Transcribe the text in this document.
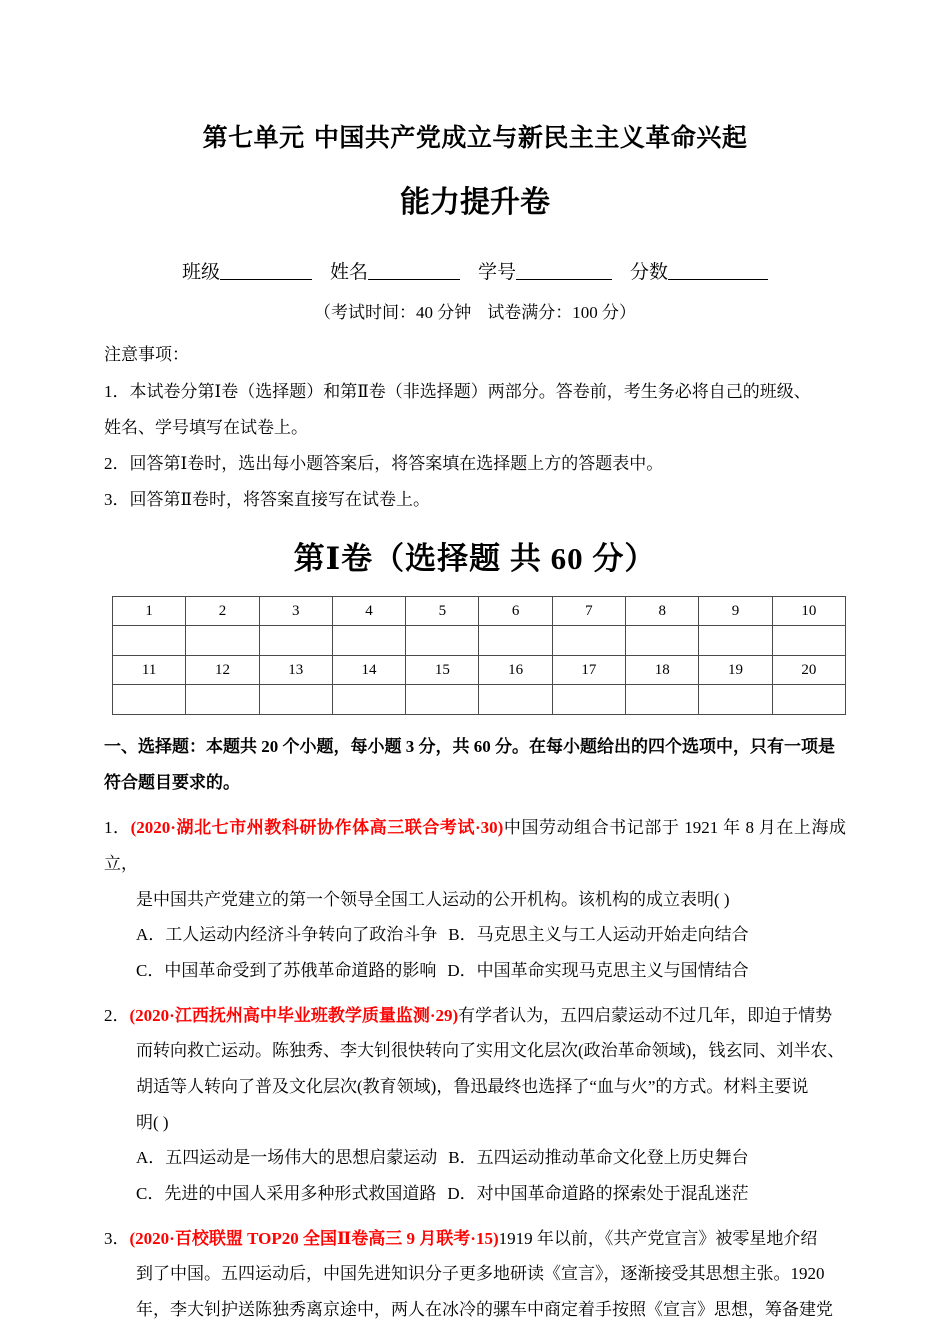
第七单元 中国共产党成立与新民主主义革命兴起
能力提升卷
班级	姓名	学号	分数

（考试时间：40 分钟 试卷满分：100 分）

注意事项：

1．本试卷分第Ⅰ卷（选择题）和第Ⅱ卷（非选择题）两部分。答卷前，考生务必将自己的班级、

姓名、学号填写在试卷上。

2．回答第Ⅰ卷时，选出每小题答案后，将答案填在选择题上方的答题表中。

3．回答第Ⅱ卷时，将答案直接写在试卷上。

第Ⅰ卷（选择题 共 60 分）
1	2	3	4	5	6	7	8	9	10

11	12	13	14	15	16	17	18	19	20

一、选择题：本题共 20 个小题，每小题 3 分，共 60 分。在每小题给出的四个选项中，只有一项是

符合题目要求的。

1．(2020·湖北七市州教科研协作体高三联合考试·30)中国劳动组合书记部于 1921 年 8 月在上海成立，

是中国共产党建立的第一个领导全国工人运动的公开机构。该机构的成立表明( )

A．工人运动内经济斗争转向了政治斗争 B．马克思主义与工人运动开始走向结合

C．中国革命受到了苏俄革命道路的影响 D．中国革命实现马克思主义与国情结合

2．(2020·江西抚州高中毕业班教学质量监测·29)有学者认为，五四启蒙运动不过几年，即迫于情势

而转向救亡运动。陈独秀、李大钊很快转向了实用文化层次(政治革命领域)，钱玄同、刘半农、

胡适等人转向了普及文化层次(教育领域)，鲁迅最终也选择了“血与火”的方式。材料主要说

明( )

A．五四运动是一场伟大的思想启蒙运动 B．五四运动推动革命文化登上历史舞台

C．先进的中国人采用多种形式救国道路 D．对中国革命道路的探索处于混乱迷茫

3．(2020·百校联盟 TOP20 全国Ⅱ卷高三 9 月联考·15)1919 年以前，《共产党宣言》被零星地介绍

到了中国。五四运动后，中国先进知识分子更多地研读《宣言》，逐渐接受其思想主张。1920

年，李大钊护送陈独秀离京途中，两人在冰冷的骡车中商定着手按照《宣言》思想，筹备建党
